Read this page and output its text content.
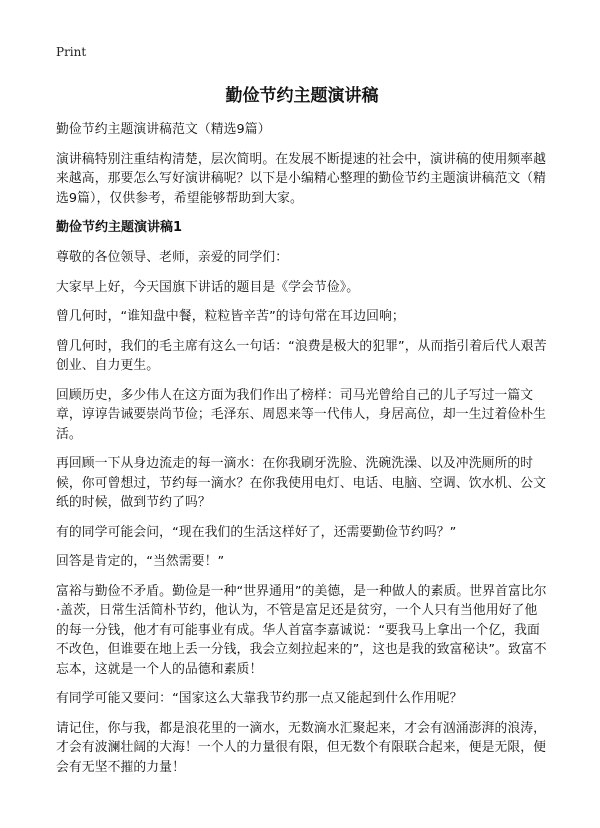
Print
勤俭节约主题演讲稿
勤俭节约主题演讲稿范文（精选9篇）
演讲稿特别注重结构清楚，层次简明。在发展不断提速的社会中，演讲稿的使用频率越来越高，那要怎么写好演讲稿呢？以下是小编精心整理的勤俭节约主题演讲稿范文（精选9篇），仅供参考，希望能够帮助到大家。
勤俭节约主题演讲稿1
尊敬的各位领导、老师，亲爱的同学们：
大家早上好，今天国旗下讲话的题目是《学会节俭》。
曾几何时，“谁知盘中餐，粒粒皆辛苦”的诗句常在耳边回响；
曾几何时，我们的毛主席有这么一句话：“浪费是极大的犯罪”，从而指引着后代人艰苦创业、自力更生。
回顾历史，多少伟人在这方面为我们作出了榜样：司马光曾给自己的儿子写过一篇文章，谆谆告诫要崇尚节俭；毛泽东、周恩来等一代伟人，身居高位，却一生过着俭朴生活。
再回顾一下从身边流走的每一滴水：在你我刷牙洗脸、洗碗洗澡、以及冲洗厕所的时候，你可曾想过，节约每一滴水？在你我使用电灯、电话、电脑、空调、饮水机、公文纸的时候，做到节约了吗？
有的同学可能会问，“现在我们的生活这样好了，还需要勤俭节约吗？”
回答是肯定的，“当然需要！”
富裕与勤俭不矛盾。勤俭是一种“世界通用”的美德，是一种做人的素质。世界首富比尔·盖茨，日常生活简朴节约，他认为，不管是富足还是贫穷，一个人只有当他用好了他的每一分钱，他才有可能事业有成。华人首富李嘉诚说：“要我马上拿出一个亿，我面不改色，但谁要在地上丢一分钱，我会立刻拉起来的”，这也是我的致富秘诀”。致富不忘本，这就是一个人的品德和素质！
有同学可能又要问：“国家这么大靠我节约那一点又能起到什么作用呢？
请记住，你与我，都是浪花里的一滴水，无数滴水汇聚起来，才会有汹涌澎湃的浪涛，才会有波澜壮阔的大海！一个人的力量很有限，但无数个有限联合起来，便是无限，便会有无坚不摧的力量！
